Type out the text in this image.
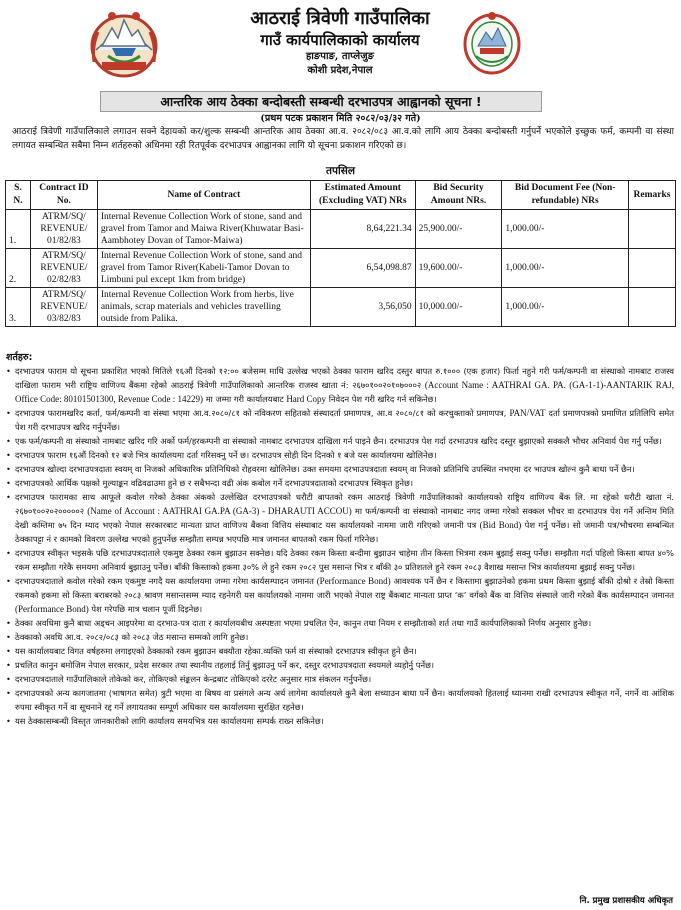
आठराई त्रिवेणी गाउँपालिका
गाउँ कार्यपालिकाको कार्यालय
हाङपाङ, ताप्लेजुङ
कोशी प्रदेश,नेपाल
आन्तरिक आय ठेक्का बन्दोबस्ती सम्बन्धी दरभाउपत्र आह्वानको सूचना !
(प्रथम पटक प्रकाशन मिति २०८२/०३/३२ गते)
आठराई त्रिवेणी गाउँपालिकाले लगाउन सक्ने देहायको कर/शुल्क सम्बन्धी आन्तरिक आय ठेक्का आ.व. २०८२/०८३ आ.व.को लागि आय ठेक्का बन्दोबस्ती गर्नुपर्ने भएकोले इच्छुक फर्म, कम्पनी वा संस्था लगायत सम्बन्धित सबैमा निम्न शर्तहरुको अधिनमा रही रितपूर्वक दरभाउपत्र आह्वानका लागि यो सूचना प्रकाशन गरिएको छ।
तपसिल
S. N.	Contract ID No.	Name of Contract	Estimated Amount (Excluding VAT) NRs	Bid Security Amount NRs.	Bid Document Fee (Non-refundable) NRs	Remarks
1.	ATRM/SQ/ REVENUE/ 01/82/83	Internal Revenue Collection Work of stone, sand and gravel from Tamor and Maiwa River(Khuwatar Basi- Aambhotey Dovan of Tamor-Maiwa)	8,64,221.34	25,900.00/-	1,000.00/-	
2.	ATRM/SQ/ REVENUE/ 02/82/83	Internal Revenue Collection Work of stone, sand and gravel from Tamor River(Kabeli-Tamor Dovan to Limbuni pul except 1km from bridge)	6,54,098.87	19,600.00/-	1,000.00/-	
3.	ATRM/SQ/ REVENUE/ 03/82/83	Internal Revenue Collection Work from herbs, live animals, scrap materials and vehicles travelling outside from Palika.	3,56,050	10,000.00/-	1,000.00/-	
शर्तहरु:
• दरभाउपत्र फाराम यो सूचना प्रकाशित भएको मितिले १६औं दिनको १२:०० बजेसम्म माथि उल्लेख भएको ठेक्का फाराम खरिद दस्तुर बापत रु.१००० (एक हजार) फिर्ता नहुने गरी फर्म/कम्पनी वा संस्थाको नामबाट राजस्व दाखिला फाराम भरी राष्ट्रिय वाणिज्य बैंकमा रहेको आठराई त्रिवेणी गाउँपालिकाको आन्तरिक राजस्व खाता नं: २६७०१००२०१०७०००२ (Account Name : AATHRAI GA. PA. (GA-1-1)-AANTARIK RAJ, Office Code: 80101501300, Revenue Code : 14229) मा जम्मा गरी कार्यालयबाट Hard Copy निवेदन पेश गरी खरिद गर्न सकिनेछ।
• दरभाउपत्र फारामखरिद कर्ता, फर्म/कम्पनी वा संस्था भएमा आ.व.२०८०/८१ को नविकरण सहितको संस्थादर्ता प्रमाणपत्र, आ.व २०८०/८१ को करचुक्ताको प्रमाणपत्र, PAN/VAT दर्ता प्रमाणपत्रको प्रमाणित प्रतिलिपि समेत पेश गरी दरभाउपत्र खरिद गर्नुपर्नेछ।
• एक फर्म/कम्पनी वा संस्थाको नामबाट खरिद गरि अर्को फर्म/हरकम्पनी वा संस्थाको नामबाट दरभाउपत्र दाखिला गर्न पाइने छैन। दरभाउपत्र पेश गर्दा दरभाउपत्र खरिद दस्तुर बुझाएको सक्कलै भौचर अनिवार्य पेश गर्नु पर्नेछ।
• दरभाउपत्र फाराम १६औं दिनको १२ बजे भित्र कार्यालयमा दर्ता गरिसक्नु पर्ने छ। दरभाउपत्र सोही दिन दिनको १ बजे यस कार्यालयमा खोलिनेछ।
• दरभाउपत्र खोल्दा दरभाउपत्रदाता स्वयम् वा निजको अधिकारिक प्रतिनिधिको रोहवरमा खोलिनेछ। उक्त समयमा दरभाउपत्रदाता स्वयम् वा निजको प्रतिनिधि उपस्थित नभएमा दर भाउपत्र खोल्न कुनै बाधा पर्ने छैन।
• दरभाउपत्रको आर्थिक पक्षको मुल्याङ्कन वढिवढाउमा हुने छ र सबैभन्दा वढी अंक कबोल गर्ने दरभाउपत्रदाताको दरभाउपत्र स्विकृत हुनेछ।
• दरभाउपत्र फारामका साथ आफूले कवोल गरेको ठेक्का अंकको उल्लेखित दरभाउपत्रको धरौटी बापतको रकम आठराई त्रिवेणी गाउँपालिकाको कार्यालयको राष्ट्रिय वाणिज्य बैंक लि. मा रहेको धरौटी खाता नं. २६७०१००२०२०००००२ (Name of Account : AATHRAI GA.PA (GA-3) - DHARAUTI ACCOU) मा फर्म/कम्पनी वा संस्थाको नामबाट नगद जम्मा गरेको सक्कल भौचर वा दरभाउपत्र पेश गर्ने अन्तिम मिति देखी कम्तिमा ७५ दिन म्याद भएको नेपाल सरकारबाट मान्यता प्राप्त वाणिज्य बैंकवा वित्तिय संस्थाबाट यस कार्यालयको नाममा जारी गरिएको जमानी पत्र (Bid Bond) पेश गर्नु पर्नेछ। सो जमानी पत्र/भौचरमा सम्बन्धित ठेक्कापट्टा नं र कामको विवरण उल्लेख भएको हुनुपर्नेछ सम्झौता सम्पन्न भएपछि मात्र जमानत बापतको रकम फिर्ता गरिनेछ।
• दरभाउपत्र स्वीकृत भइसके पछि दरभाउपत्रदाताले एकमुष्ट ठेक्का रकम बुझाउन सक्नेछ। यदि ठेक्का रकम किस्ता बन्दीमा बुझाउन चाहेमा तीन किस्ता भित्रमा रकम बुझाई सक्नु पर्नेछ। सम्झौता गर्दा पहिलो किस्ता बापत ४०% रकम सम्झौता गरेकै समयमा अनिवार्य बुझाउनु पर्नेछ। बाँकी किस्ताको हकमा ३०% ले हुने रकम २०८२ पुस मसान्त भित्र र बाँकी ३० प्रतिशतले हुने रकम २०८३ वैशाख मसान्त भित्र कार्यालयमा बुझाई सक्नु पर्नेछ।
• दरभाउपत्रदाताले कवोल गरेको रकम एकमुष्ट नगदै यस कार्यालयमा जम्मा गरेमा कार्यसम्पादन जमानत (Performance Bond) आवश्यक पर्ने छैन र किस्तामा बुझाउनेको हकमा प्रथम किस्ता बुझाई बाँकी दोश्रो र तेस्रो किस्ता रकमको हकमा सो किस्ता बराबरको २०८३ श्रावण मसान्तसम्म म्याद रहनेगरी यस कार्यालयको नाममा जारी भएको नेपाल राष्ट्र बैंकबाट मान्यता प्राप्त ‘क’ वर्गको बैंक वा वित्तिय संस्थाले जारी गरेको बैंक कार्यसम्पादन जमानत (Performance Bond) पेश गरेपछि मात्र चलान पूर्जी दिइनेछ।
• ठेक्का अवधिमा कुनै बाधा अड्चन आइपरेमा वा दरभाउ-पत्र दाता र कार्यालयबीच अस्पष्टता भएमा प्रचलित ऐन, कानुन तथा नियम र सम्झौताको शर्त तथा गाउँ कार्यपालिकाको निर्णय अनुसार हुनेछ।
• ठेक्काको अवधि आ.व. २०८२/०८३ को २०८३ जेठ मसान्त सम्मको लागि हुनेछ।
• यस कार्यालयबाट विगत वर्षहरुमा लगाइएको ठेक्काको रकम बुझाउन बक्यौता रहेका.व्यक्ति फर्म वा संस्थाको दरभाउपत्र स्वीकृत हुने छैन।
• प्रचलित कानुन बमोजिम नेपाल सरकार, प्रदेश सरकार तथा स्थानीय तहलाई तिर्नु बुझाउनु पर्ने कर, दस्तुर दरभाउपत्रदाता स्वयमले व्यहोर्नु पर्नेछ।
• दरभाउपत्रदाताले गाउँपालिकाले तोकेको कर, तोकिएको संङ्कलन केन्द्रबाट तोकिएको दररेट अनुसार मात्र संकलन गर्नुपर्नेछ।
• दरभाउपत्रको अन्य कागजातमा (भाषागत समेत) त्रुटी भएमा वा बिषय वा प्रसंगले अन्य अर्थ लागेमा कार्यालयले कुनै बेला सच्याउन बाधा पर्ने छैन। कार्यालयको हितलाई ध्यानमा राखी दरभाउपत्र स्वीकृत गर्ने, नगर्ने वा आंशिक रुपमा स्वीकृत गर्ने वा सूचनाने रद्द गर्ने लगायतका सम्पूर्ण अधिकार यस कार्यालयमा सुरक्षित रहनेछ।
• यस ठेक्कासम्बन्धी विस्तृत जानकारीको लागि कार्यालय समयभित्र यस कार्यालयमा सम्पर्क राख्न सकिनेछ।
नि. प्रमुख प्रशासकीय अधिकृत
